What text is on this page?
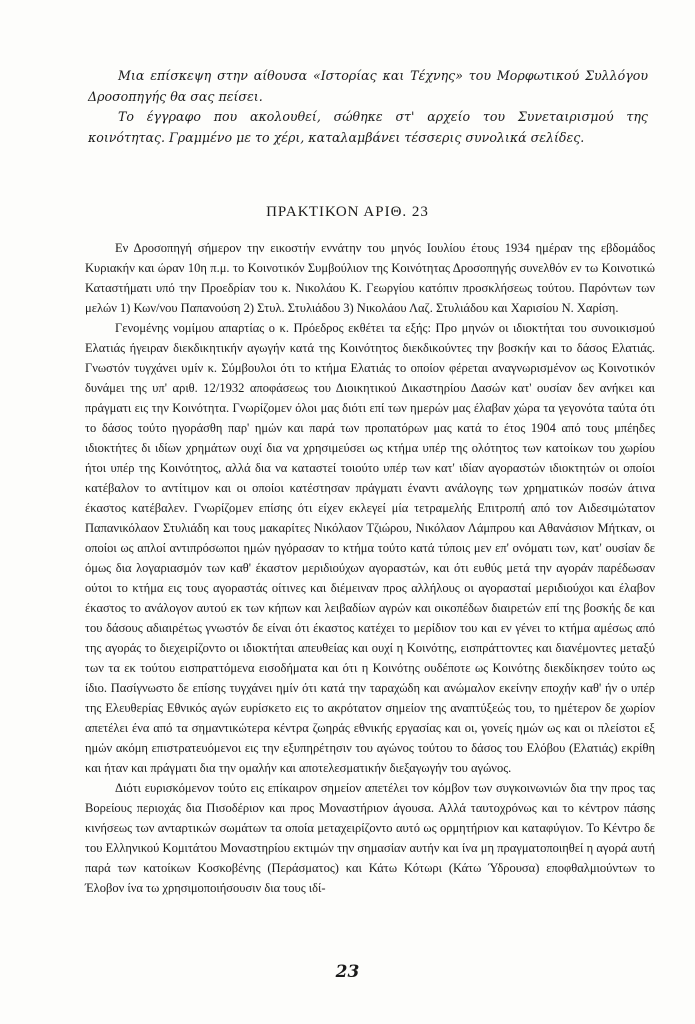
Μια επίσκεψη στην αίθουσα «Ιστορίας και Τέχνης» του Μορφωτικού Συλλόγου Δροσοπηγής θα σας πείσει.

Το έγγραφο που ακολουθεί, σώθηκε στ' αρχείο του Συνεταιρισμού της κοινότητας. Γραμμένο με το χέρι, καταλαμβάνει τέσσερις συνολικά σελίδες.

ΠΡΑΚΤΙΚΟΝ ΑΡΙΘ. 23

Εν Δροσοπηγή σήμερον την εικοστήν εννάτην του μηνός Ιουλίου έτους 1934 ημέραν της εβδομάδος Κυριακήν και ώραν 10η π.μ. το Κοινοτικόν Συμβούλιον της Κοινότητας Δροσοπηγής συνελθόν εν τω Κοινοτικώ Καταστήματι υπό την Προεδρίαν του κ. Νικολάου Κ. Γεωργίου κατόπιν προσκλήσεως τούτου. Παρόντων των μελών 1) Κων/νου Παπανούση 2) Στυλ. Στυλιάδου 3) Νικολάου Λαζ. Στυλιάδου και Χαρισίου Ν. Χαρίση.

Γενομένης νομίμου απαρτίας ο κ. Πρόεδρος εκθέτει τα εξής: Προ μηνών οι ιδιοκτήται του συνοικισμού Ελατιάς ήγειραν διεκδικητικήν αγωγήν κατά της Κοινότητος διεκδικούντες την βοσκήν και το δάσος Ελατιάς. Γνωστόν τυγχάνει υμίν κ. Σύμβουλοι ότι το κτήμα Ελατιάς το οποίον φέρεται αναγνωρισμένον ως Κοινοτικόν δυνάμει της υπ' αριθ. 12/1932 αποφάσεως του Διοικητικού Δικαστηρίου Δασών κατ' ουσίαν δεν ανήκει και πράγματι εις την Κοινότητα. Γνωρίζομεν όλοι μας διότι επί των ημερών μας έλαβαν χώρα τα γεγονότα ταύτα ότι το δάσος τούτο ηγοράσθη παρ' ημών και παρά των προπατόρων μας κατά το έτος 1904 από τους μπέηδες ιδιοκτήτες δι ιδίων χρημάτων ουχί δια να χρησιμεύσει ως κτήμα υπέρ της ολότητος των κατοίκων του χωρίου ήτοι υπέρ της Κοινότητος, αλλά δια να καταστεί τοιούτο υπέρ των κατ' ιδίαν αγοραστών ιδιοκτητών οι οποίοι κατέβαλον το αντίτιμον και οι οποίοι κατέστησαν πράγματι έναντι ανάλογης των χρηματικών ποσών άτινα έκαστος κατέβαλεν. Γνωρίζομεν επίσης ότι είχεν εκλεγεί μία τετραμελής Επιτροπή από τον Αιδεσιμώτατον Παπανικόλαον Στυλιάδη και τους μακαρίτες Νικόλαον Τζιώρου, Νικόλαον Λάμπρου και Αθανάσιον Μήτκαν, οι οποίοι ως απλοί αντιπρόσωποι ημών ηγόρασαν το κτήμα τούτο κατά τύποις μεν επ' ονόματι των, κατ' ουσίαν δε όμως δια λογαριασμόν των καθ' έκαστον μεριδιούχων αγοραστών, και ότι ευθύς μετά την αγοράν παρέδωσαν ούτοι το κτήμα εις τους αγοραστάς οίτινες και διέμειναν προς αλλήλους οι αγορασταί μεριδιούχοι και έλαβον έκαστος το ανάλογον αυτού εκ των κήπων και λειβαδίων αγρών και οικοπέδων διαιρετών επί της βοσκής δε και του δάσους αδιαιρέτως γνωστόν δε είναι ότι έκαστος κατέχει το μερίδιον του και εν γένει το κτήμα αμέσως από της αγοράς το διεχειρίζοντο οι ιδιοκτήται απευθείας και ουχί η Κοινότης, εισπράττοντες και διανέμοντες μεταξύ των τα εκ τούτου εισπραττόμενα εισοδήματα και ότι η Κοινότης ουδέποτε ως Κοινότης διεκδίκησεν τούτο ως ίδιο. Πασίγνωστο δε επίσης τυγχάνει ημίν ότι κατά την ταραχώδη και ανώμαλον εκείνην εποχήν καθ' ήν ο υπέρ της Ελευθερίας Εθνικός αγών ευρίσκετο εις το ακρότατον σημείον της αναπτύξεώς του, το ημέτερον δε χωρίον απετέλει ένα από τα σημαντικώτερα κέντρα ζωηράς εθνικής εργασίας και οι, γονείς ημών ως και οι πλείστοι εξ ημών ακόμη επιστρατευόμενοι εις την εξυπηρέτησιν του αγώνος τούτου το δάσος του Ελόβου (Ελατιάς) εκρίθη και ήταν και πράγματι δια την ομαλήν και αποτελεσματικήν διεξαγωγήν του αγώνος.

Διότι ευρισκόμενον τούτο εις επίκαιρον σημείον απετέλει τον κόμβον των συγκοινωνιών δια την προς τας Βορείους περιοχάς δια Πισοδέριον και προς Μοναστήριον άγουσα. Αλλά ταυτοχρόνως και το κέντρον πάσης κινήσεως των ανταρτικών σωμάτων τα οποία μεταχειρίζοντο αυτό ως ορμητήριον και καταφύγιον. Το Κέντρο δε του Ελληνικού Κομιτάτου Μοναστηρίου εκτιμών την σημασίαν αυτήν και ίνα μη πραγματοποιηθεί η αγορά αυτή παρά των κατοίκων Κοσκοβένης (Περάσματος) και Κάτω Κότωρι (Κάτω Ύδρουσα) εποφθαλμιούντων το Έλοβον ίνα τω χρησιμοποιήσουσιν δια τους ιδί-

23
